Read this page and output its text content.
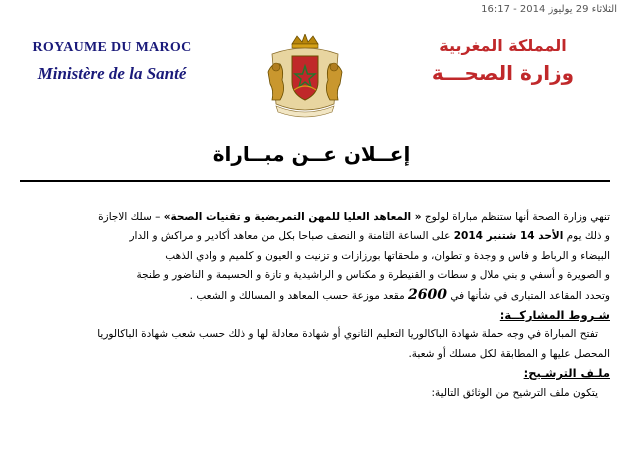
الثلاثاء 29 يوليوز 2014 - 16:17
ROYAUME DU MAROC
Ministère de la Santé
المملكة المغربية
وزارة الصحـــة
إعــلان عــن مبــاراة

تنهي وزارة الصحة أنها ستنظم مباراة لولوج « المعاهد العليا للمهن التمريضية و تقنيات الصحة» – سلك الاجازة

و ذلك يوم الأحد 14 شتنبر 2014 على الساعة الثامنة و النصف صباحا بكل من معاهد أكادير و مراكش و الدار

البيضاء و الرباط و فاس و وجدة و تطوان، و ملحقاتها بورزازات و تزنيت و العيون و كلميم و وادي الذهب

و الصويرة و أسفي و بني ملال و سطات و القنيطرة و مكناس و الراشيدية و تازة و الحسيمة و الناضور و طنجة

وتحدد المقاعد المتبارى في شأنها في 2600 مقعد موزعة حسب المعاهد و المسالك و الشعب .

شـروط المشاركــة:

تفتح المباراة في وجه حملة شهادة الباكالوريا التعليم الثانوي أو شهادة معادلة لها و ذلك حسب شعب شهادة الباكالوريا

المحصل عليها و المطابقة لكل مسلك أو شعبة.

ملـف الترشـيح:

يتكون ملف الترشيح من الوثائق التالية:
